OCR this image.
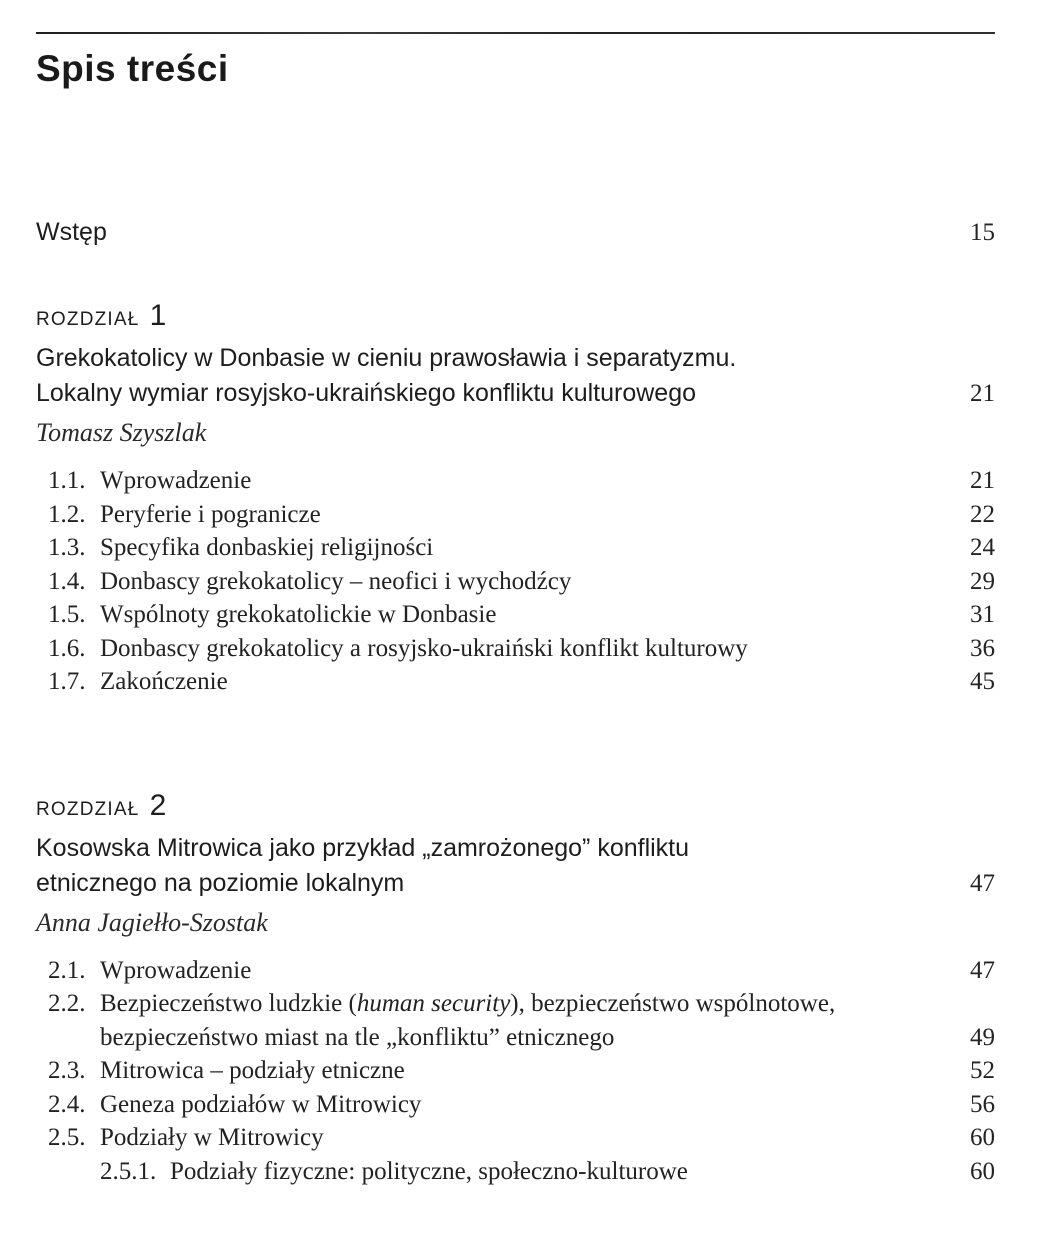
Spis treści
Wstęp	15
ROZDZIAŁ 1
Grekokatolicy w Donbasie w cieniu prawosławia i separatyzmu.
Lokalny wymiar rosyjsko-ukraińskiego konfliktu kulturowego	21
Tomasz Szyszlak
1.1. Wprowadzenie	21
1.2. Peryferie i pogranicze	22
1.3. Specyfika donbaskiej religijności	24
1.4. Donbascy grekokatolicy – neofici i wychodźcy	29
1.5. Wspólnoty grekokatolickie w Donbasie	31
1.6. Donbascy grekokatolicy a rosyjsko-ukraiński konflikt kulturowy	36
1.7. Zakończenie	45
ROZDZIAŁ 2
Kosowska Mitrowica jako przykład „zamrożonego” konfliktu
etnicznego na poziomie lokalnym	47
Anna Jagiełło-Szostak
2.1. Wprowadzenie	47
2.2. Bezpieczeństwo ludzkie (human security), bezpieczeństwo wspólnotowe,
bezpieczeństwo miast na tle „konfliktu” etnicznego	49
2.3. Mitrowica – podziały etniczne	52
2.4. Geneza podziałów w Mitrowicy	56
2.5. Podziały w Mitrowicy	60
2.5.1. Podziały fizyczne: polityczne, społeczno-kulturowe	60
